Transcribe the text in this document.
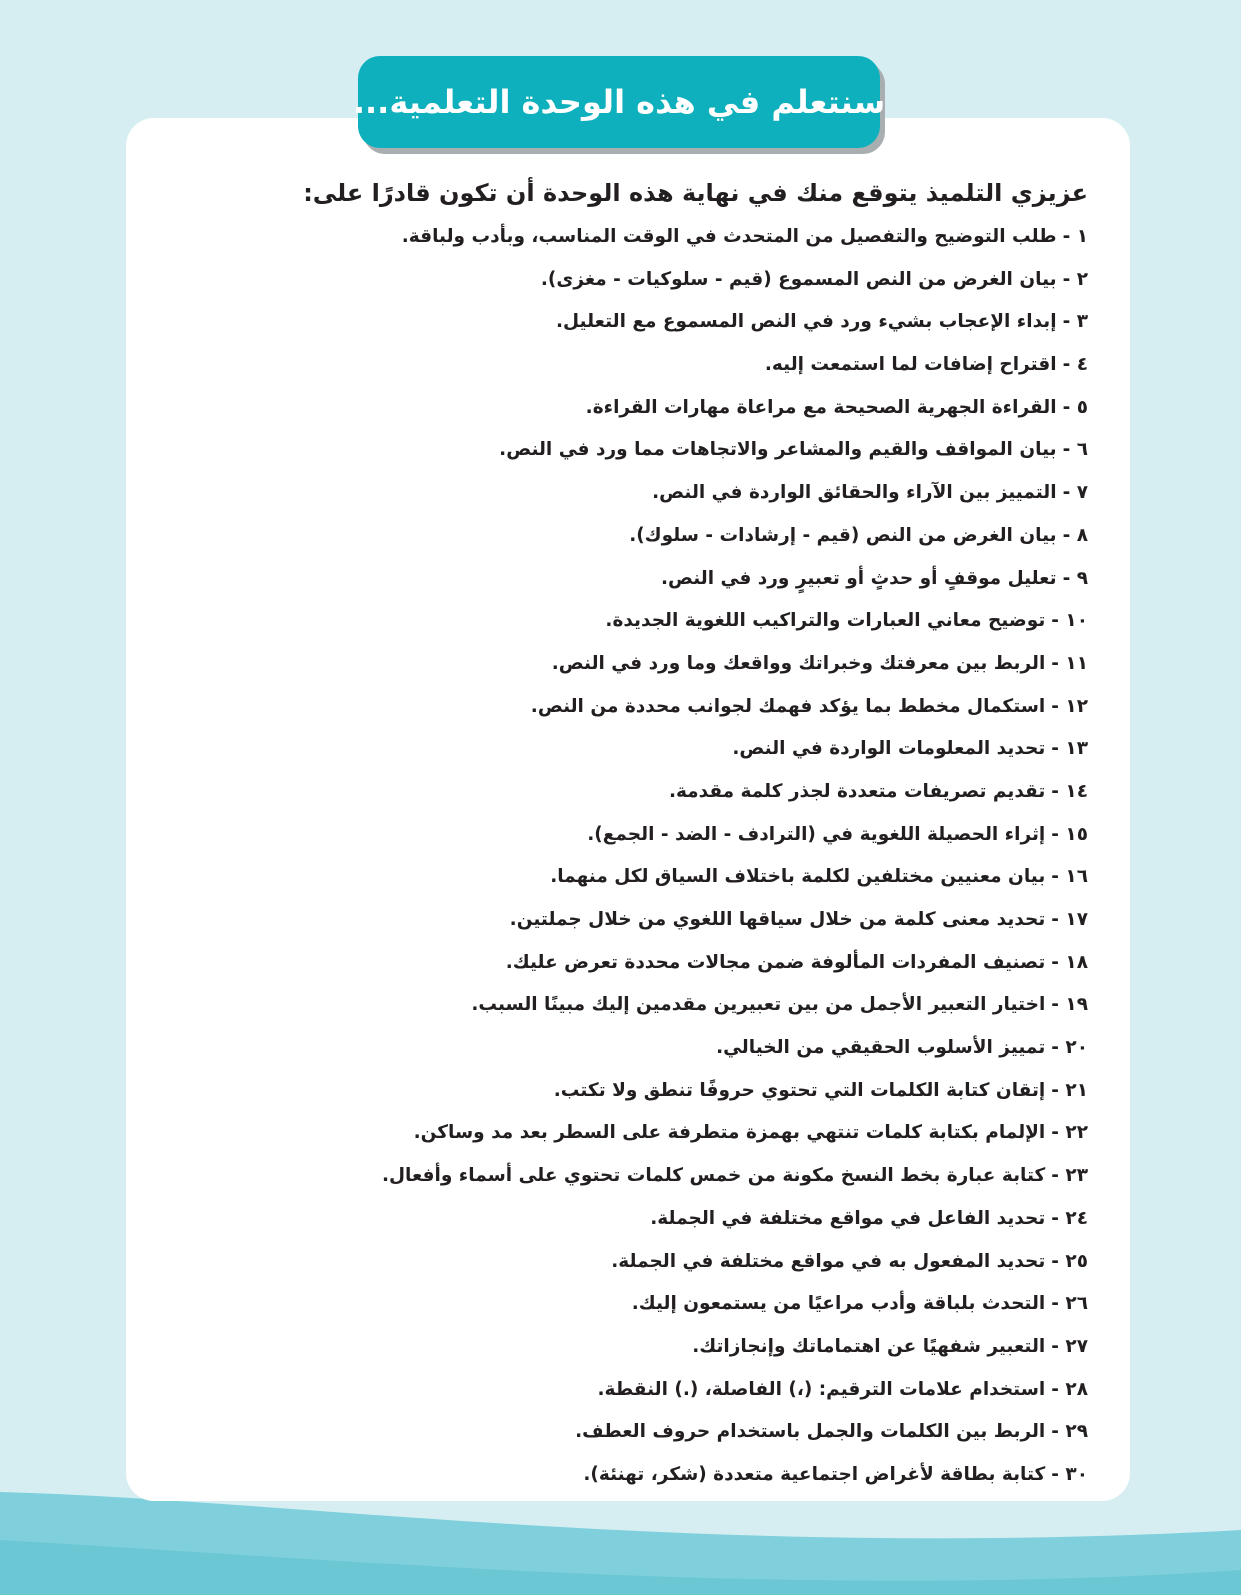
سنتعلم في هذه الوحدة التعلمية...

عزيزي التلميذ يتوقع منك في نهاية هذه الوحدة أن تكون قادرًا على:

١ -طلب التوضيح والتفصيل من المتحدث في الوقت المناسب، وبأدب ولباقة.
٢ -بيان الغرض من النص المسموع (قيم - سلوكيات - مغزى).
٣ -إبداء الإعجاب بشيء ورد في النص المسموع مع التعليل.
٤ -اقتراح إضافات لما استمعت إليه.
٥ -القراءة الجهرية الصحيحة مع مراعاة مهارات القراءة.
٦ -بيان المواقف والقيم والمشاعر والاتجاهات مما ورد في النص.
٧ -التمييز بين الآراء والحقائق الواردة في النص.
٨ -بيان الغرض من النص (قيم - إرشادات - سلوك).
٩ -تعليل موقفٍ أو حدثٍ أو تعبيرٍ ورد في النص.
١٠ -توضيح معاني العبارات والتراكيب اللغوية الجديدة.
١١ -الربط بين معرفتك وخبراتك وواقعك وما ورد في النص.
١٢ -استكمال مخطط بما يؤكد فهمك لجوانب محددة من النص.
١٣ -تحديد المعلومات الواردة في النص.
١٤ -تقديم تصريفات متعددة لجذر كلمة مقدمة.
١٥ -إثراء الحصيلة اللغوية في (الترادف - الضد - الجمع).
١٦ -بيان معنيين مختلفين لكلمة باختلاف السياق لكل منهما.
١٧ -تحديد معنى كلمة من خلال سياقها اللغوي من خلال جملتين.
١٨ -تصنيف المفردات المألوفة ضمن مجالات محددة تعرض عليك.
١٩ -اختيار التعبير الأجمل من بين تعبيرين مقدمين إليك مبينًا السبب.
٢٠ -تمييز الأسلوب الحقيقي من الخيالي.
٢١ -إتقان كتابة الكلمات التي تحتوي حروفًا تنطق ولا تكتب.
٢٢ -الإلمام بكتابة كلمات تنتهي بهمزة متطرفة على السطر بعد مد وساكن.
٢٣ -كتابة عبارة بخط النسخ مكونة من خمس كلمات تحتوي على أسماء وأفعال.
٢٤ -تحديد الفاعل في مواقع مختلفة في الجملة.
٢٥ -تحديد المفعول به في مواقع مختلفة في الجملة.
٢٦ -التحدث بلباقة وأدب مراعيًا من يستمعون إليك.
٢٧ -التعبير شفهيًا عن اهتماماتك وإنجازاتك.
٢٨ -استخدام علامات الترقيم: (،) الفاصلة، (.) النقطة.
٢٩ -الربط بين الكلمات والجمل باستخدام حروف العطف.
٣٠ -كتابة بطاقة لأغراض اجتماعية متعددة (شكر، تهنئة).
